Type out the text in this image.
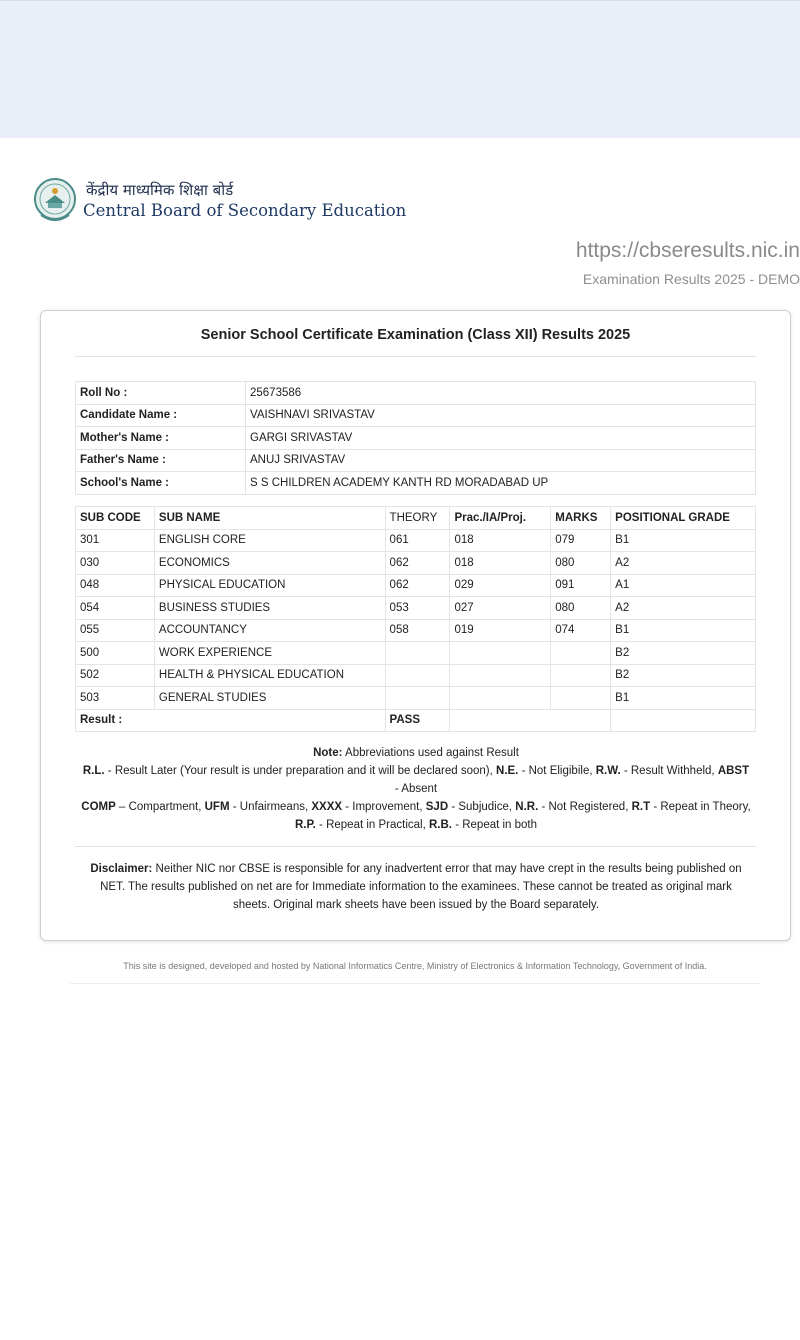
केंद्रीय माध्यमिक शिक्षा बोर्ड
Central Board of Secondary Education
https://cbseresults.nic.in
Examination Results 2025 - DEMO
Senior School Certificate Examination (Class XII) Results 2025
Roll No :	25673586
Candidate Name :	VAISHNAVI SRIVASTAV
Mother's Name :	GARGI SRIVASTAV
Father's Name :	ANUJ SRIVASTAV
School's Name :	S S CHILDREN ACADEMY KANTH RD MORADABAD UP
SUB CODE	SUB NAME	THEORY	Prac./IA/Proj.	MARKS	POSITIONAL GRADE
301	ENGLISH CORE	061	018	079	B1
030	ECONOMICS	062	018	080	A2
048	PHYSICAL EDUCATION	062	029	091	A1
054	BUSINESS STUDIES	053	027	080	A2
055	ACCOUNTANCY	058	019	074	B1
500	WORK EXPERIENCE				B2
502	HEALTH & PHYSICAL EDUCATION				B2
503	GENERAL STUDIES				B1
Result :		PASS			
Note: Abbreviations used against Result
R.L. - Result Later (Your result is under preparation and it will be declared soon), N.E. - Not Eligibile, R.W. - Result Withheld, ABST - Absent
COMP – Compartment, UFM - Unfairmeans, XXXX - Improvement, SJD - Subjudice, N.R. - Not Registered, R.T - Repeat in Theory, R.P. - Repeat in Practical, R.B. - Repeat in both
Disclaimer: Neither NIC nor CBSE is responsible for any inadvertent error that may have crept in the results being published on NET. The results published on net are for Immediate information to the examinees. These cannot be treated as original mark sheets. Original mark sheets have been issued by the Board separately.
This site is designed, developed and hosted by National Informatics Centre, Ministry of Electronics & Information Technology, Government of India.
